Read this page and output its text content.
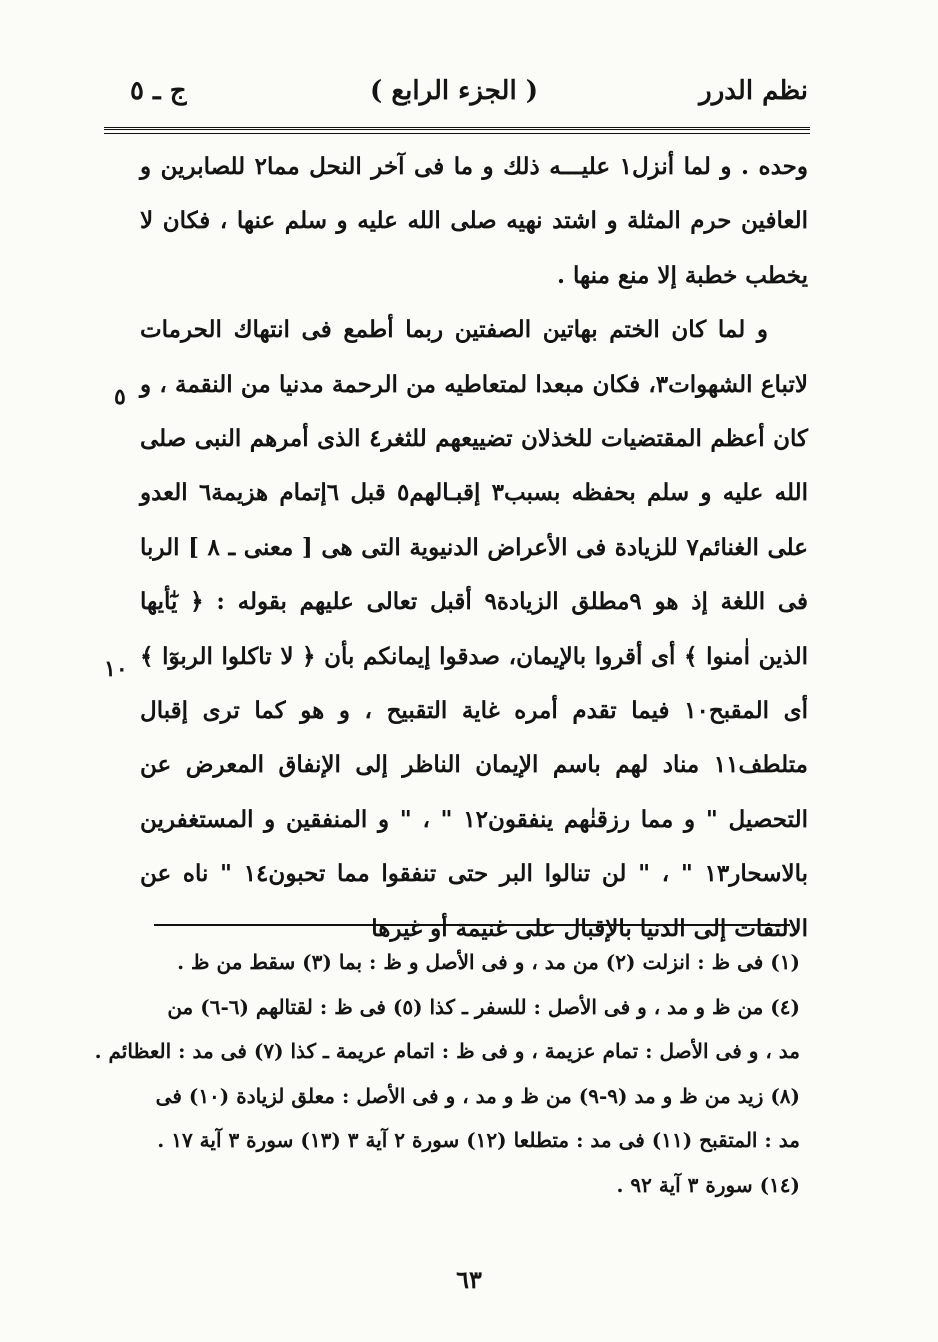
نظم الدرر
( الجزء الرابع )
ج ـ ٥

وحده . و لما أنزل١ عليـــه ذلك و ما فى آخر النحل مما٢ للصابرين و العافين حرم المثلة و اشتد نهيه صلى الله عليه و سلم عنها ، فكان لا يخطب خطبة إلا منع منها .

و لما كان الختم بهاتين الصفتين ربما أطمع فى انتهاك الحرمات لاتباع الشهوات٣، فكان مبعدا لمتعاطيه من الرحمة مدنيا من النقمة ، و كان أعظم المقتضيات للخذلان تضييعهم للثغر٤ الذى أمرهم النبى صلى الله عليه و سلم بحفظه بسبب٣ إقبـالهم٥ قبل ٦إتمام هزيمة٦ العدو على الغنائم٧ للزيادة فى الأعراض الدنيوية التى هى [ معنى ـ ٨ ] الربا فى اللغة إذ هو ٩مطلق الزيادة٩ أقبل تعالى عليهم بقوله : ﴿ يٰٓأيها الذين اٰمنوا ﴾ أى أقروا بالإيمان، صدقوا إيمانكم بأن ﴿ لا تاكلوا الربوٓا ﴾ أى المقبح١٠ فيما تقدم أمره غاية التقبيح ، و هو كما ترى إقبال متلطف١١ مناد لهم باسم الإيمان الناظر إلى الإنفاق المعرض عن التحصيل " و مما رزقنٰهم ينفقون١٢ " ، " و المنفقين و المستغفرين بالاسحار١٣ " ، " لن تنالوا البر حتى تنفقوا مما تحبون١٤ " ناه عن الالتفات إلى الدنيا بالإقبال على غنيمة أو غيرها

٥
١٠
(١) فى ظ : انزلت (٢) من مد ، و فى الأصل و ظ : بما (٣) سقط من ظ .
(٤) من ظ و مد ، و فى الأصل : للسفر ـ كذا (٥) فى ظ : لقتالهم (٦-٦) من
مد ، و فى الأصل : تمام عزيمة ، و فى ظ : اتمام عريمة ـ كذا (٧) فى مد : العظائم .
(٨) زيد من ظ و مد (٩-٩) من ظ و مد ، و فى الأصل : معلق لزيادة (١٠) فى
مد : المتقبح (١١) فى مد : متطلعا (١٢) سورة ٢ آية ٣ (١٣) سورة ٣ آية ١٧ .
(١٤) سورة ٣ آية ٩٢ .
٦٣
